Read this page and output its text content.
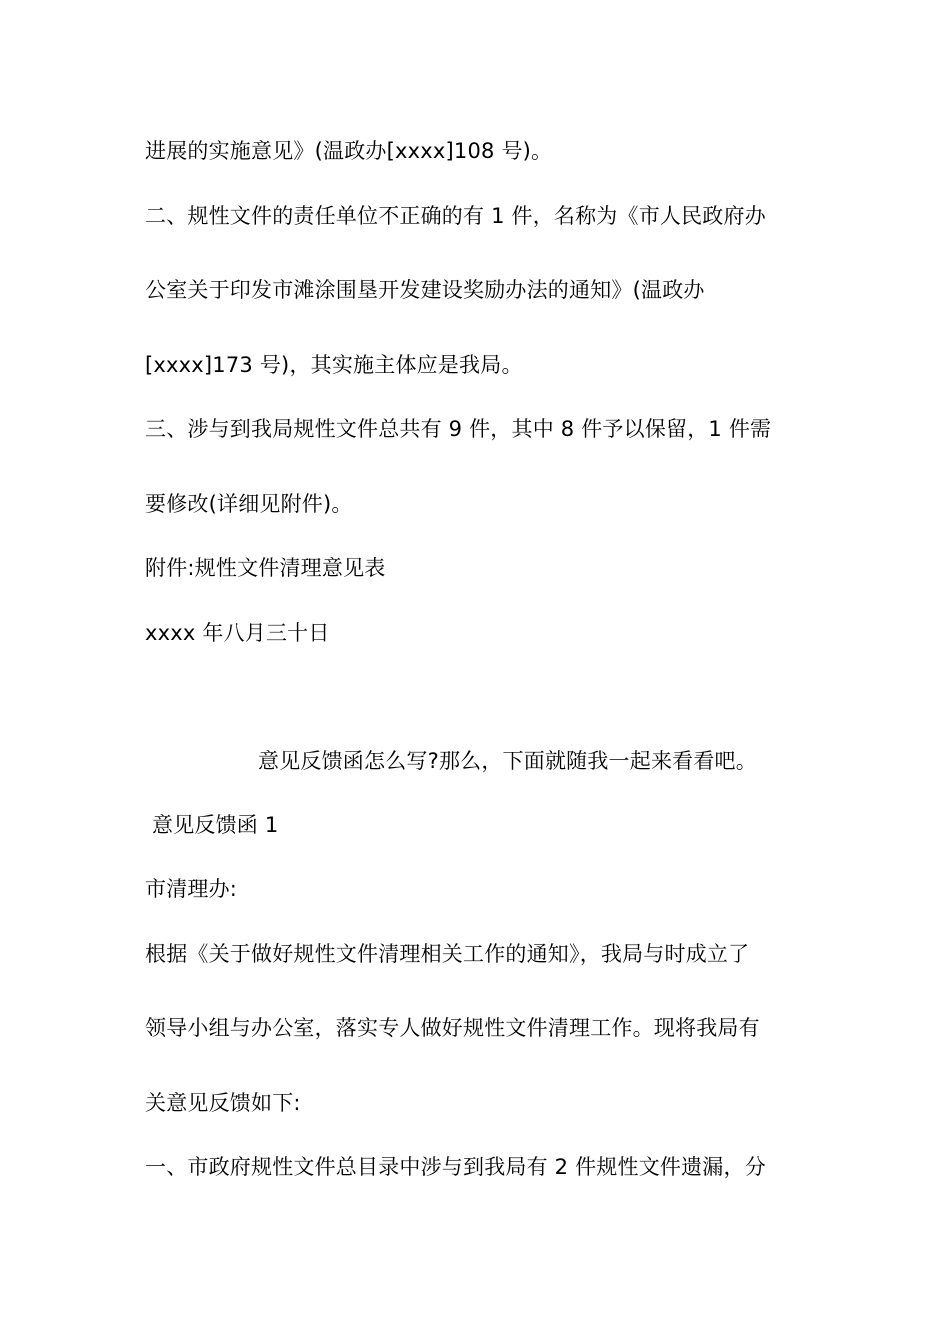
进展的实施意见》(温政办[xxxx]108 号)。
二、规性文件的责任单位不正确的有 1 件，名称为《市人民政府办
公室关于印发市滩涂围垦开发建设奖励办法的通知》(温政办
[xxxx]173 号)，其实施主体应是我局。
三、涉与到我局规性文件总共有 9 件，其中 8 件予以保留，1 件需
要修改(详细见附件)。
附件:规性文件清理意见表
xxxx 年八月三十日
意见反馈函怎么写?那么，下面就随我一起来看看吧。
意见反馈函 1
市清理办:
根据《关于做好规性文件清理相关工作的通知》，我局与时成立了
领导小组与办公室，落实专人做好规性文件清理工作。现将我局有
关意见反馈如下:
一、市政府规性文件总目录中涉与到我局有 2 件规性文件遗漏，分
